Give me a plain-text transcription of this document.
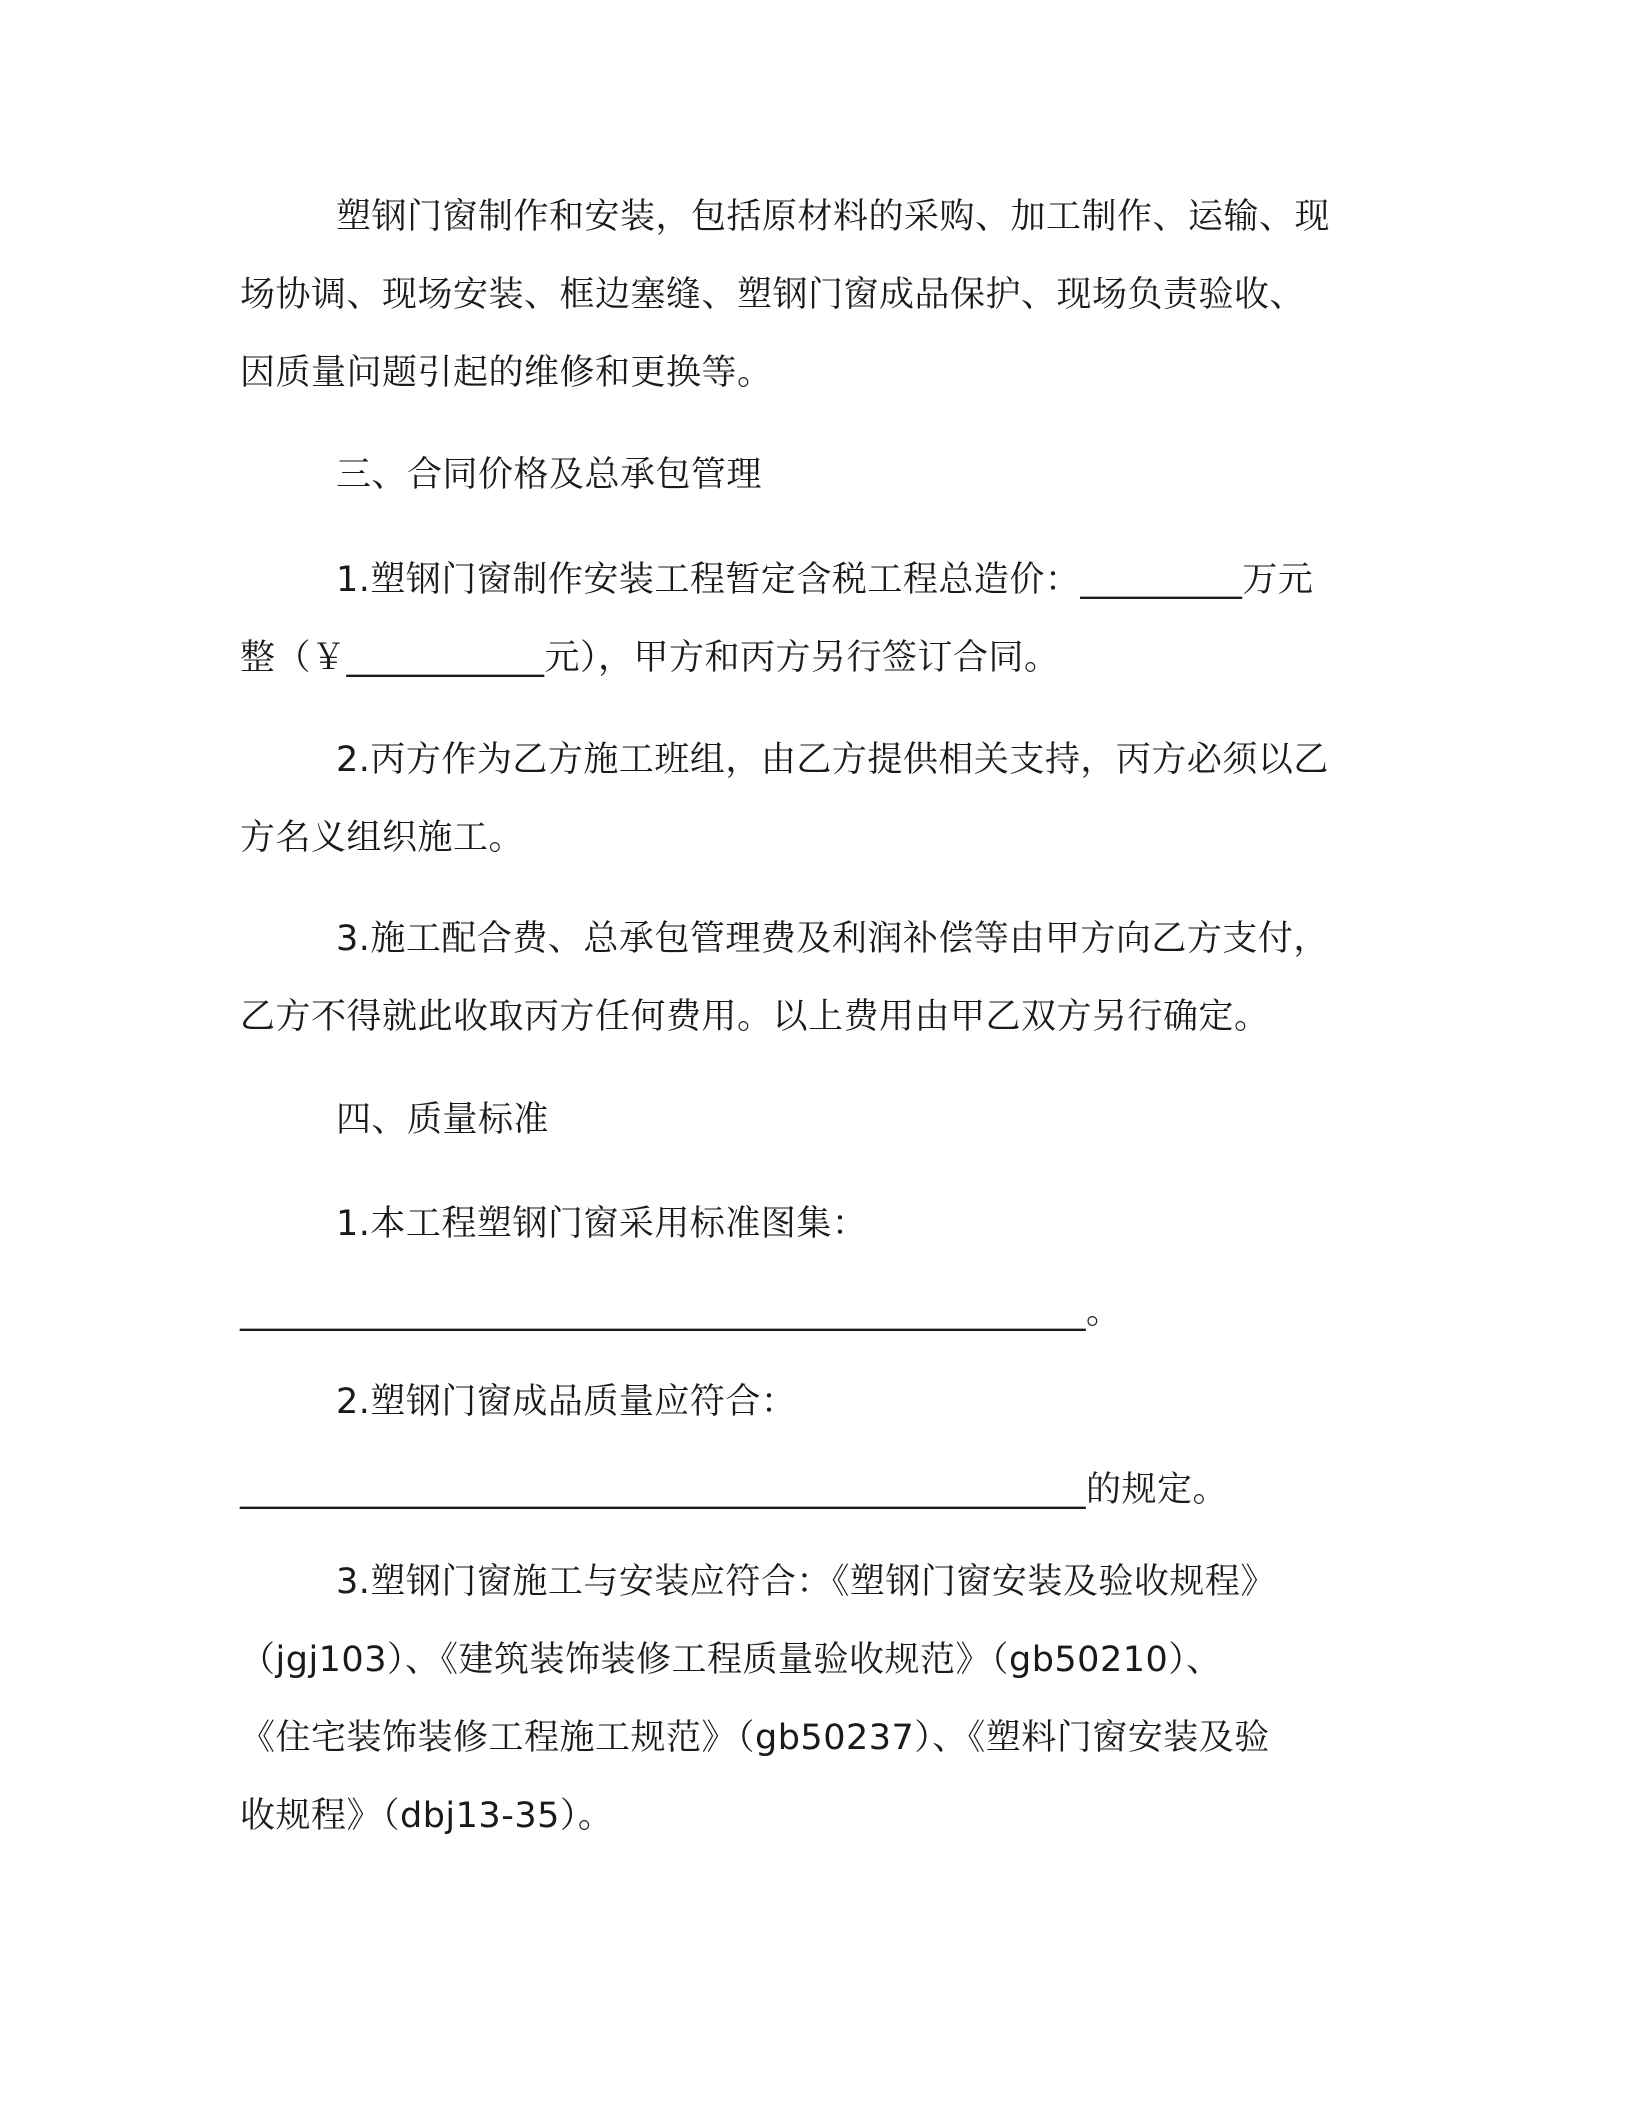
塑钢门窗制作和安装，包括原材料的采购、加工制作、运输、现
场协调、现场安装、框边塞缝、塑钢门窗成品保护、现场负责验收、
因质量问题引起的维修和更换等。
三、合同价格及总承包管理
1.塑钢门窗制作安装工程暂定含税工程总造价：_________万元
整（￥___________元），甲方和丙方另行签订合同。
2.丙方作为乙方施工班组，由乙方提供相关支持，丙方必须以乙
方名义组织施工。
3.施工配合费、总承包管理费及利润补偿等由甲方向乙方支付，
乙方不得就此收取丙方任何费用。以上费用由甲乙双方另行确定。
四、质量标准
1.本工程塑钢门窗采用标准图集：
_______________________________________________。
2.塑钢门窗成品质量应符合：
_______________________________________________的规定。
3.塑钢门窗施工与安装应符合：《塑钢门窗安装及验收规程》
（jgj103）、《建筑装饰装修工程质量验收规范》（gb50210）、
《住宅装饰装修工程施工规范》（gb50237）、《塑料门窗安装及验
收规程》（dbj13-35）。
